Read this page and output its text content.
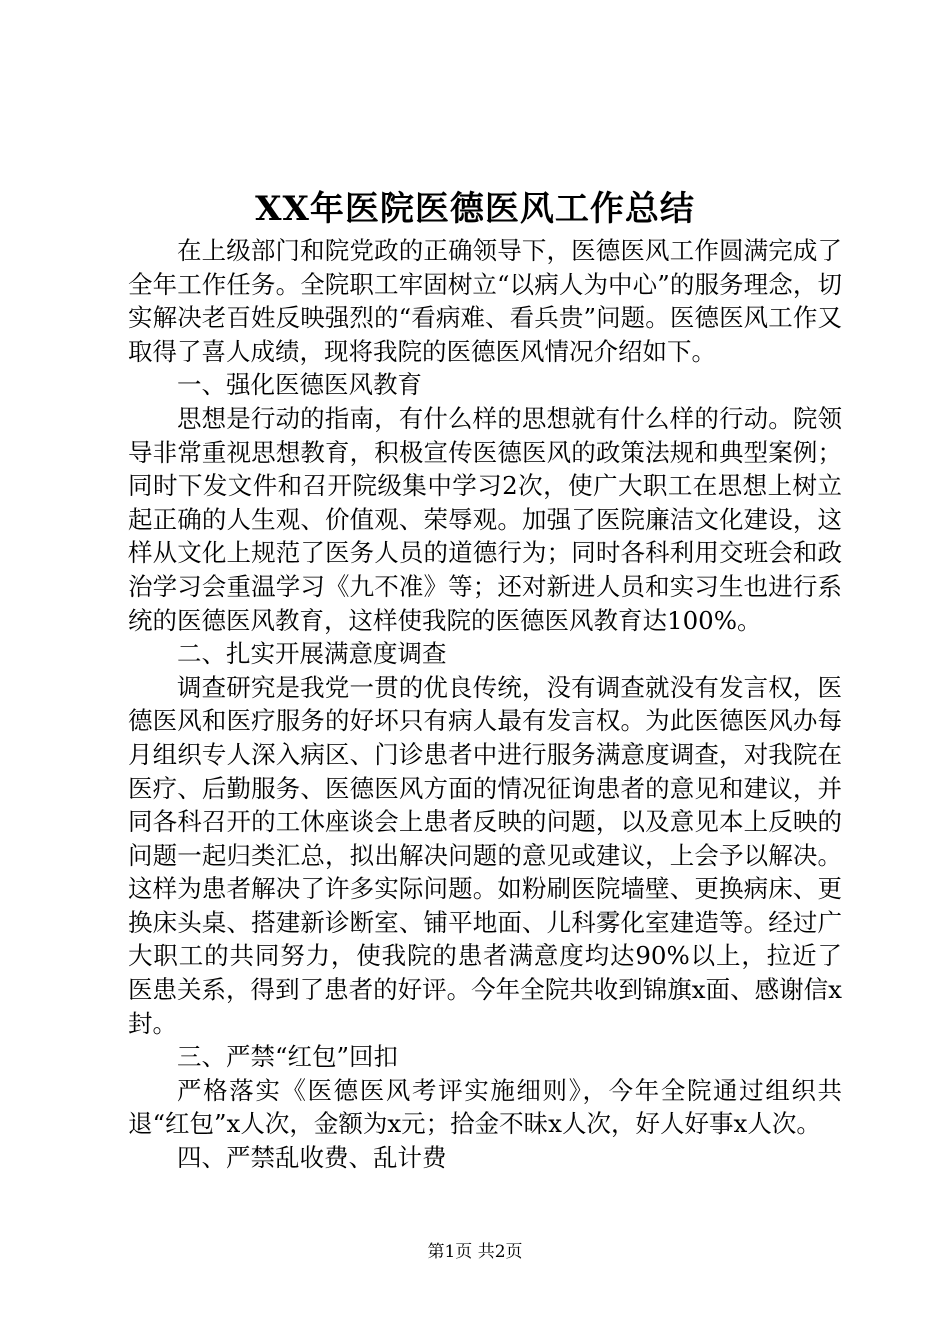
XX年医院医德医风工作总结

在上级部门和院党政的正确领导下，医德医风工作圆满完成了全年工作任务。全院职工牢固树立“以病人为中心”的服务理念，切实解决老百姓反映强烈的“看病难、看兵贵”问题。医德医风工作又取得了喜人成绩，现将我院的医德医风情况介绍如下。

一、强化医德医风教育

思想是行动的指南，有什么样的思想就有什么样的行动。院领导非常重视思想教育，积极宣传医德医风的政策法规和典型案例；同时下发文件和召开院级集中学习2次，使广大职工在思想上树立起正确的人生观、价值观、荣辱观。加强了医院廉洁文化建设，这样从文化上规范了医务人员的道德行为；同时各科利用交班会和政治学习会重温学习《九不准》等；还对新进人员和实习生也进行系统的医德医风教育，这样使我院的医德医风教育达100%。

二、扎实开展满意度调查

调查研究是我党一贯的优良传统，没有调查就没有发言权，医德医风和医疗服务的好坏只有病人最有发言权。为此医德医风办每月组织专人深入病区、门诊患者中进行服务满意度调查，对我院在医疗、后勤服务、医德医风方面的情况征询患者的意见和建议，并同各科召开的工休座谈会上患者反映的问题，以及意见本上反映的问题一起归类汇总，拟出解决问题的意见或建议，上会予以解决。这样为患者解决了许多实际问题。如粉刷医院墙壁、更换病床、更换床头桌、搭建新诊断室、铺平地面、儿科雾化室建造等。经过广大职工的共同努力，使我院的患者满意度均达90%以上，拉近了医患关系，得到了患者的好评。今年全院共收到锦旗x面、感谢信x封。

三、严禁“红包”回扣

严格落实《医德医风考评实施细则》，今年全院通过组织共退“红包”x人次，金额为x元；拾金不昧x人次，好人好事x人次。

四、严禁乱收费、乱计费

第1页 共2页
